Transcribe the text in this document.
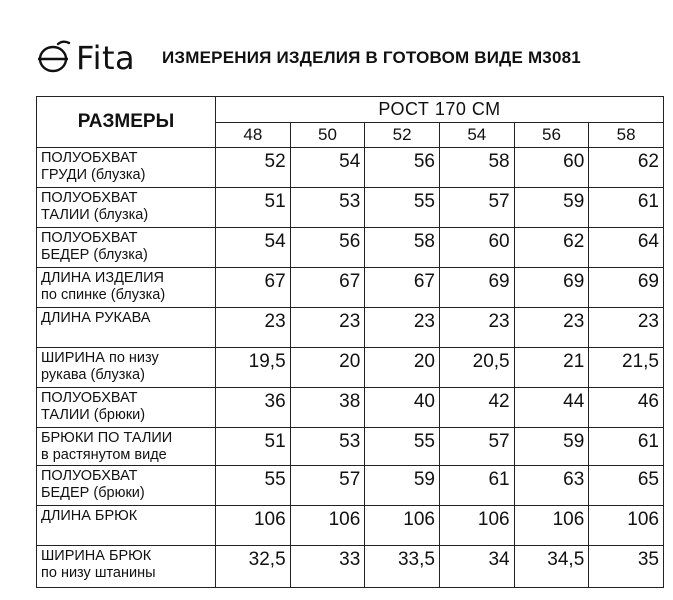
Fita ИЗМЕРЕНИЯ ИЗДЕЛИЯ В ГОТОВОМ ВИДЕ М3081
РАЗМЕРЫ	РОСТ 170 СМ					
	48	50	52	54	56	58

ПОЛУОБХВАТ
ГРУДИ (блузка)	52	54	56	58	60	62

ПОЛУОБХВАТ
ТАЛИИ (блузка)	51	53	55	57	59	61

ПОЛУОБХВАТ
БЕДЕР (блузка)	54	56	58	60	62	64

ДЛИНА ИЗДЕЛИЯ
по спинке (блузка)	67	67	67	69	69	69

ДЛИНА РУКАВА	23	23	23	23	23	23

ШИРИНА по низу
рукава (блузка)	19,5	20	20	20,5	21	21,5

ПОЛУОБХВАТ
ТАЛИИ (брюки)	36	38	40	42	44	46

БРЮКИ ПО ТАЛИИ
в растянутом виде	51	53	55	57	59	61

ПОЛУОБХВАТ
БЕДЕР (брюки)	55	57	59	61	63	65

ДЛИНА БРЮК	106	106	106	106	106	106

ШИРИНА БРЮК
по низу штанины	32,5	33	33,5	34	34,5	35
